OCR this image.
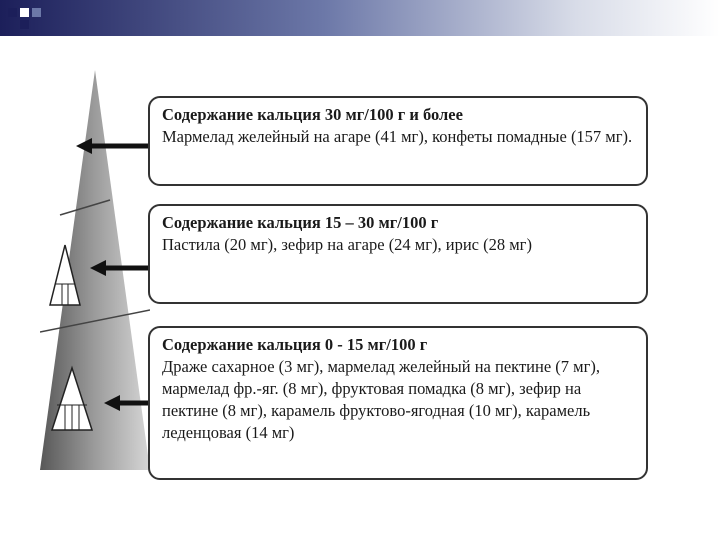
Содержание кальция 30 мг/100 г и более
Мармелад желейный на агаре (41 мг), конфеты помадные (157 мг).
Содержание кальция 15 – 30 мг/100 г
Пастила (20 мг), зефир на агаре (24 мг), ирис (28 мг)
Содержание кальция 0 - 15 мг/100 г
Драже сахарное (3 мг), мармелад желейный на пектине (7 мг), мармелад фр.-яг. (8 мг), фруктовая помадка (8 мг), зефир на пектине (8 мг), карамель фруктово-ягодная (10 мг), карамель леденцовая (14 мг)
